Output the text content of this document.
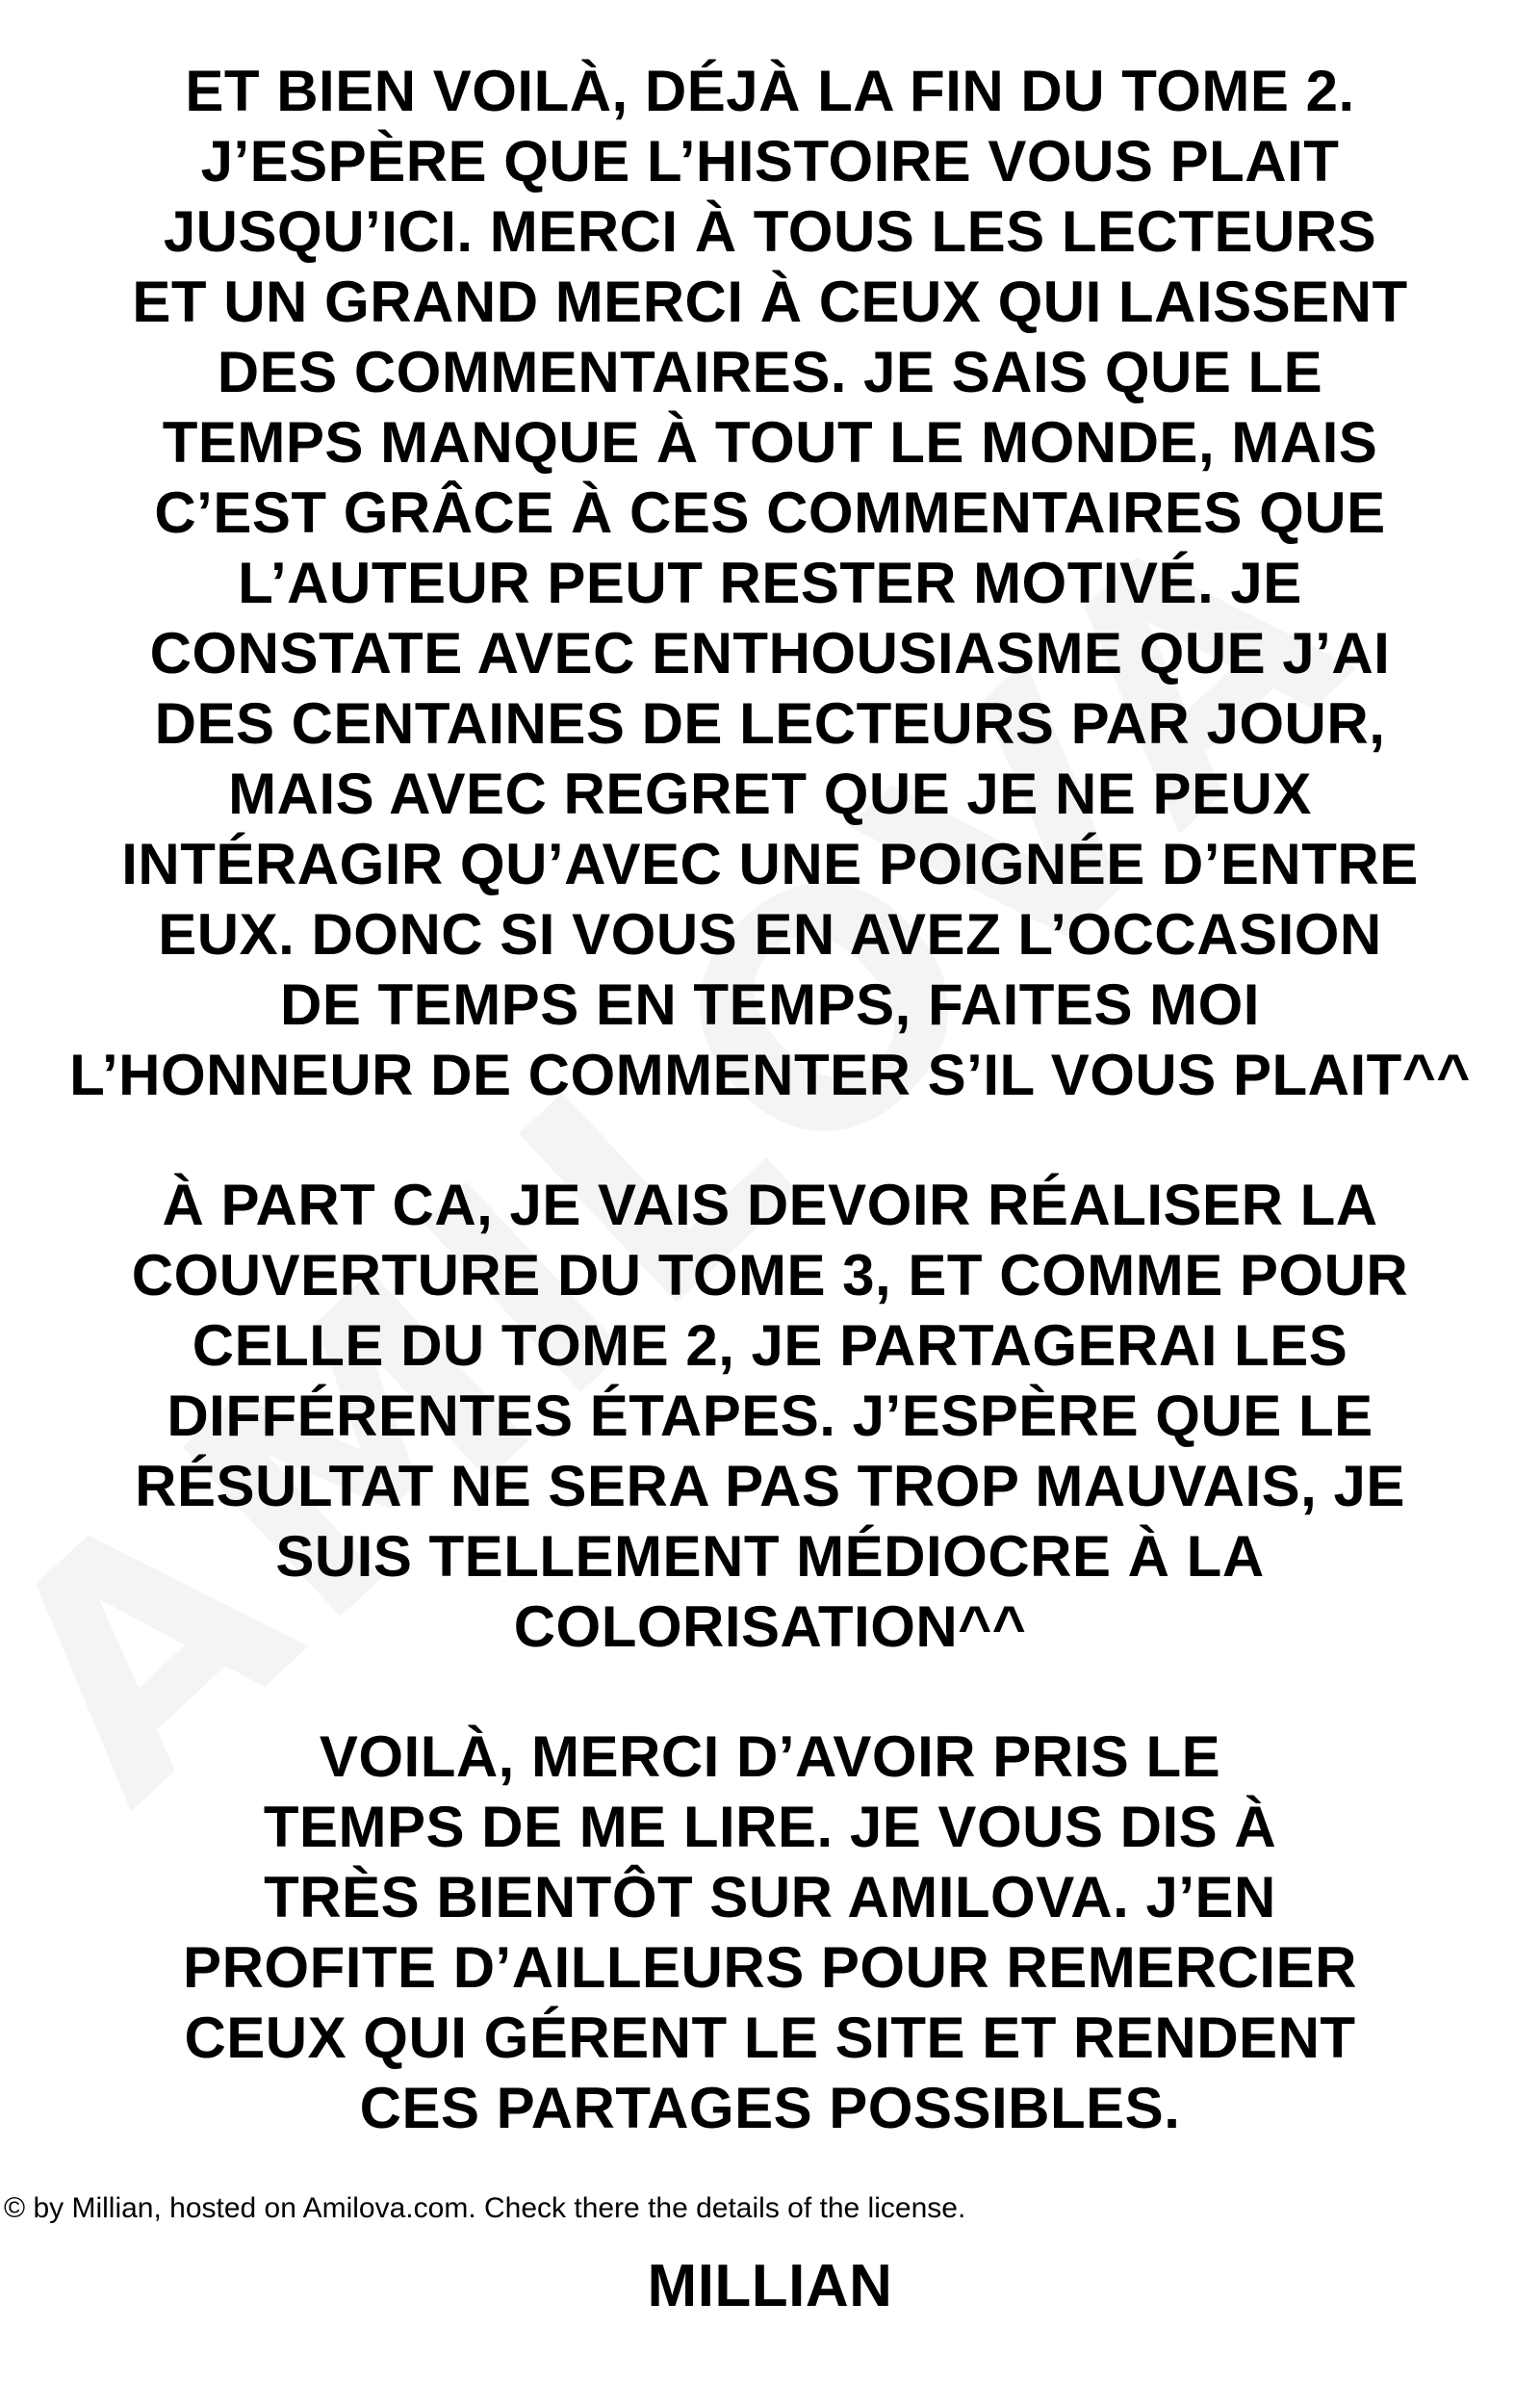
ET BIEN VOILÀ, DÉJÀ LA FIN DU TOME 2.
J’ESPÈRE QUE L’HISTOIRE VOUS PLAIT
JUSQU’ICI. MERCI À TOUS LES LECTEURS
ET UN GRAND MERCI À CEUX QUI LAISSENT
DES COMMENTAIRES. JE SAIS QUE LE
TEMPS MANQUE À TOUT LE MONDE, MAIS
C’EST GRÂCE À CES COMMENTAIRES QUE
L’AUTEUR PEUT RESTER MOTIVÉ. JE
CONSTATE AVEC ENTHOUSIASME QUE J’AI
DES CENTAINES DE LECTEURS PAR JOUR,
MAIS AVEC REGRET QUE JE NE PEUX
INTÉRAGIR QU’AVEC UNE POIGNÉE D’ENTRE
EUX. DONC SI VOUS EN AVEZ L’OCCASION
DE TEMPS EN TEMPS, FAITES MOI
L’HONNEUR DE COMMENTER S’IL VOUS PLAIT^^
À PART CA, JE VAIS DEVOIR RÉALISER LA
COUVERTURE DU TOME 3, ET COMME POUR
CELLE DU TOME 2, JE PARTAGERAI LES
DIFFÉRENTES ÉTAPES. J’ESPÈRE QUE LE
RÉSULTAT NE SERA PAS TROP MAUVAIS, JE
SUIS TELLEMENT MÉDIOCRE À LA
COLORISATION^^
VOILÀ, MERCI D’AVOIR PRIS LE
TEMPS DE ME LIRE. JE VOUS DIS À
TRÈS BIENTÔT SUR AMILOVA. J’EN
PROFITE D’AILLEURS POUR REMERCIER
CEUX QUI GÉRENT LE SITE ET RENDENT
CES PARTAGES POSSIBLES.
MILLIAN
© by Millian, hosted on Amilova.com. Check there the details of the license.
